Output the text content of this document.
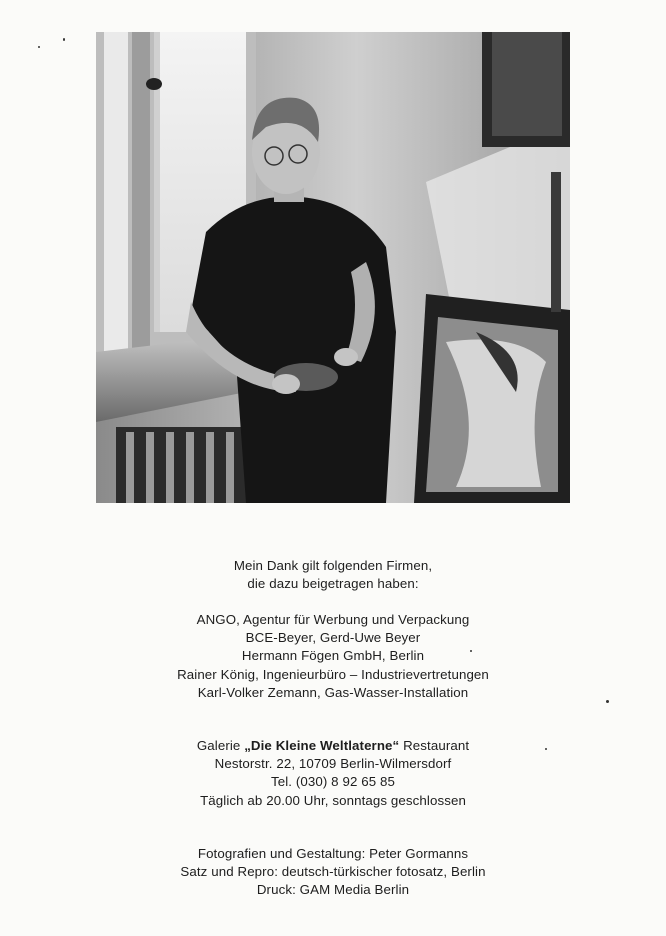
Mein Dank gilt folgenden Firmen,
die dazu beigetragen haben:
ANGO, Agentur für Werbung und Verpackung
BCE-Beyer, Gerd-Uwe Beyer
Hermann Fögen GmbH, Berlin
Rainer König, Ingenieurbüro – Industrievertretungen
Karl-Volker Zemann, Gas-Wasser-Installation
Galerie „Die Kleine Weltlaterne“ Restaurant
Nestorstr. 22, 10709 Berlin-Wilmersdorf
Tel. (030) 8 92 65 85
Täglich ab 20.00 Uhr, sonntags geschlossen
Fotografien und Gestaltung: Peter Gormanns
Satz und Repro: deutsch-türkischer fotosatz, Berlin
Druck: GAM Media Berlin
